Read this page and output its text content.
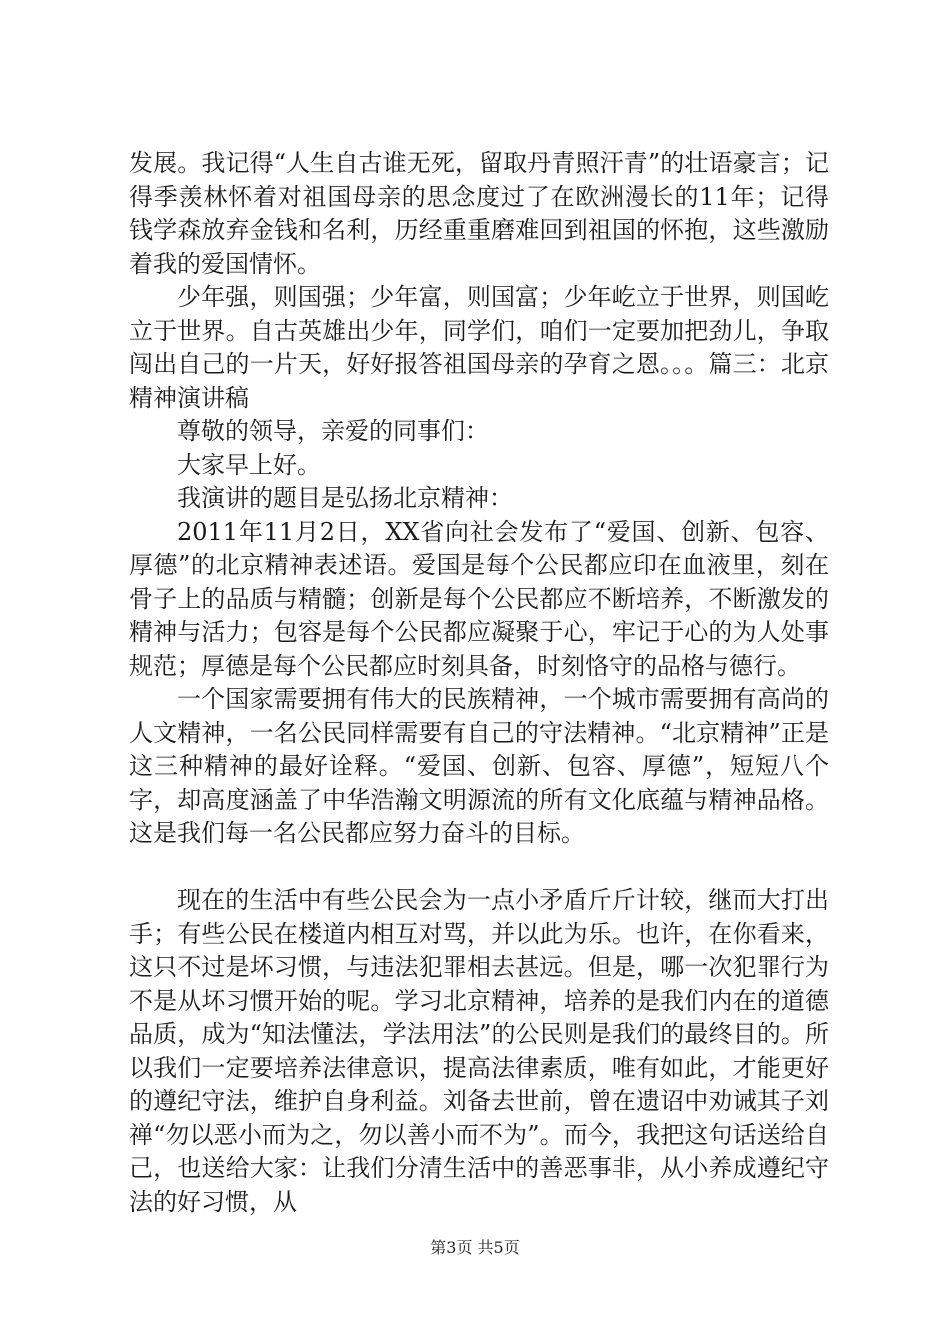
发展。我记得“人生自古谁无死，留取丹青照汗青”的壮语豪言；记得季羡林怀着对祖国母亲的思念度过了在欧洲漫长的11年；记得钱学森放弃金钱和名利，历经重重磨难回到祖国的怀抱，这些激励着我的爱国情怀。

少年强，则国强；少年富，则国富；少年屹立于世界，则国屹立于世界。自古英雄出少年，同学们，咱们一定要加把劲儿，争取闯出自己的一片天，好好报答祖国母亲的孕育之恩。。。篇三：北京精神演讲稿

尊敬的领导，亲爱的同事们：

大家早上好。

我演讲的题目是弘扬北京精神：

2011年11月2日，XX省向社会发布了“爱国、创新、包容、厚德”的北京精神表述语。爱国是每个公民都应印在血液里，刻在骨子上的品质与精髓；创新是每个公民都应不断培养，不断激发的精神与活力；包容是每个公民都应凝聚于心，牢记于心的为人处事规范；厚德是每个公民都应时刻具备，时刻恪守的品格与德行。

一个国家需要拥有伟大的民族精神，一个城市需要拥有高尚的人文精神，一名公民同样需要有自己的守法精神。“北京精神”正是这三种精神的最好诠释。“爱国、创新、包容、厚德”，短短八个字，却高度涵盖了中华浩瀚文明源流的所有文化底蕴与精神品格。这是我们每一名公民都应努力奋斗的目标。

现在的生活中有些公民会为一点小矛盾斤斤计较，继而大打出手；有些公民在楼道内相互对骂，并以此为乐。也许，在你看来，这只不过是坏习惯，与违法犯罪相去甚远。但是，哪一次犯罪行为不是从坏习惯开始的呢。学习北京精神，培养的是我们内在的道德品质，成为“知法懂法，学法用法”的公民则是我们的最终目的。所以我们一定要培养法律意识，提高法律素质，唯有如此，才能更好的遵纪守法，维护自身利益。刘备去世前，曾在遗诏中劝诫其子刘禅“勿以恶小而为之，勿以善小而不为”。而今，我把这句话送给自己，也送给大家：让我们分清生活中的善恶事非，从小养成遵纪守法的好习惯，从

第3页 共5页
